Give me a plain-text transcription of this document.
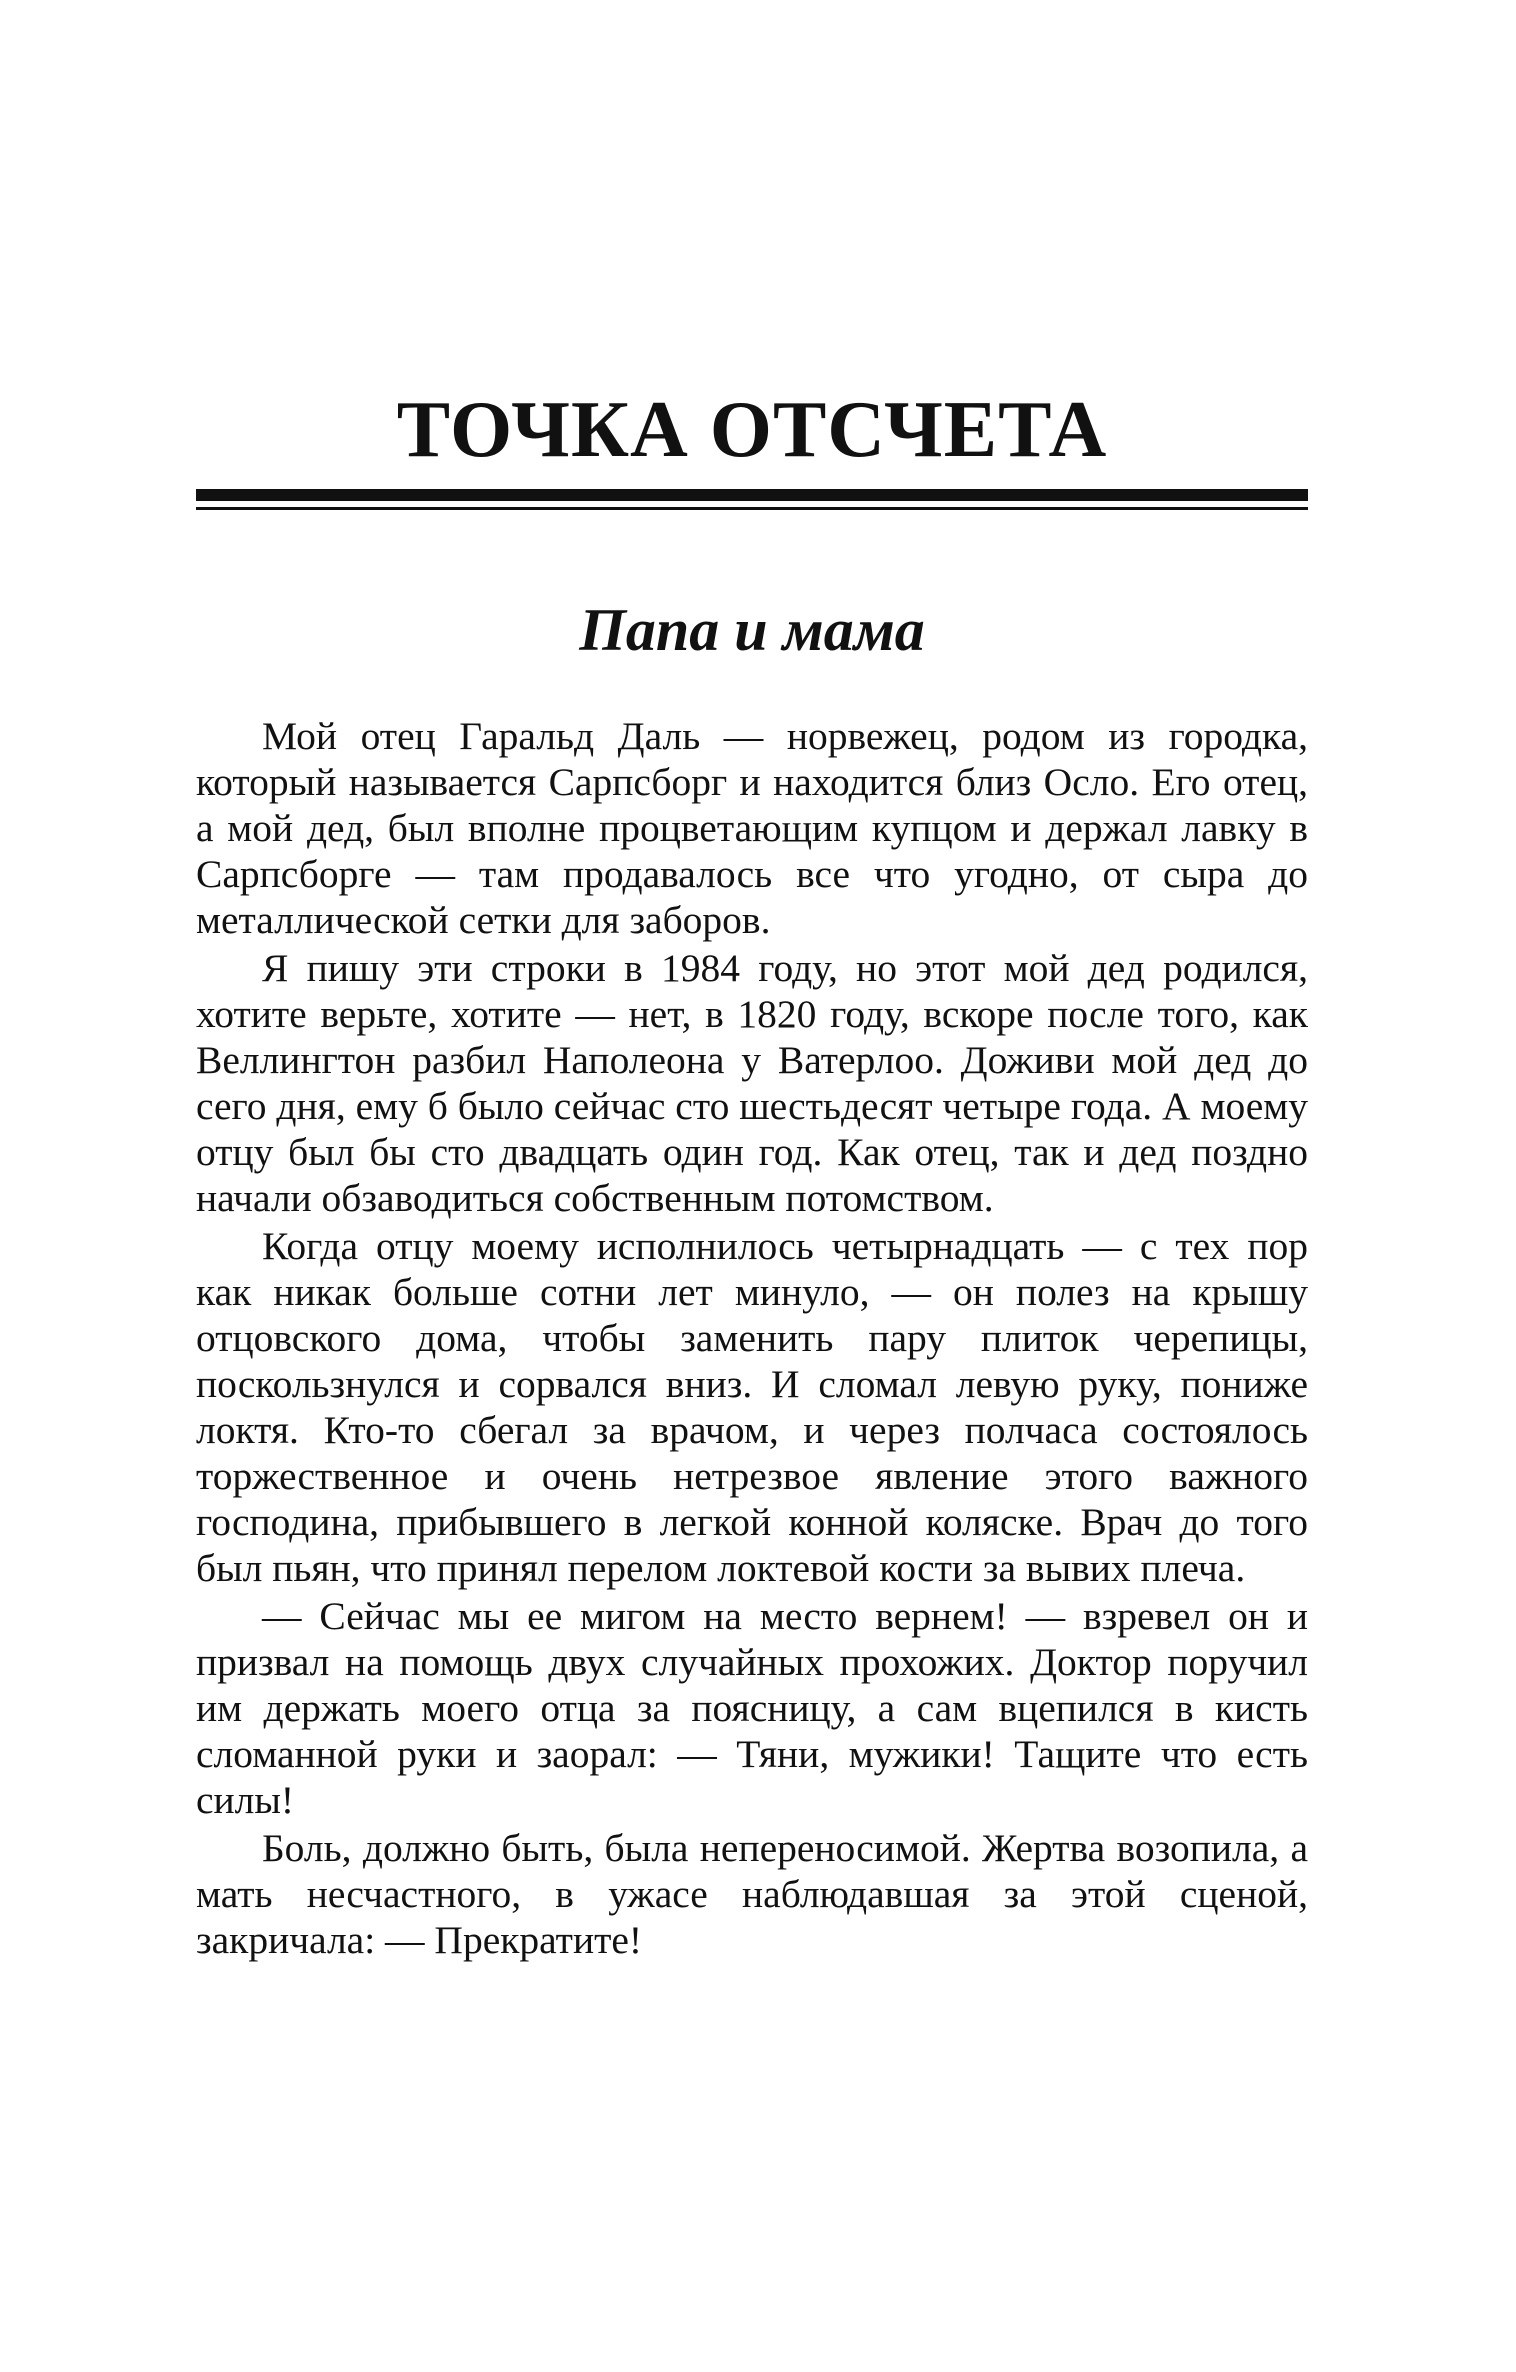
ТОЧКА ОТСЧЕТА
Папа и мама

Мой отец Гаральд Даль — норвежец, родом из городка, который называется Сарпсборг и находится близ Осло. Его отец, а мой дед, был вполне процветающим купцом и держал лавку в Сарпсборге — там продавалось все что угодно, от сыра до металлической сетки для заборов.

Я пишу эти строки в 1984 году, но этот мой дед родился, хотите верьте, хотите — нет, в 1820 году, вскоре после того, как Веллингтон разбил Наполеона у Ватерлоо. Доживи мой дед до сего дня, ему б было сейчас сто шестьдесят четыре года. А моему отцу был бы сто двадцать один год. Как отец, так и дед поздно начали обзаводиться собственным потомством.

Когда отцу моему исполнилось четырнадцать — с тех пор как никак больше сотни лет минуло, — он полез на крышу отцовского дома, чтобы заменить пару плиток черепицы, поскользнулся и сорвался вниз. И сломал левую руку, пониже локтя. Кто-то сбегал за врачом, и через полчаса состоялось торжественное и очень нетрезвое явление этого важного господина, прибывшего в легкой конной коляске. Врач до того был пьян, что принял перелом локтевой кости за вывих плеча.

— Сейчас мы ее мигом на место вернем! — взревел он и призвал на помощь двух случайных прохожих. Доктор поручил им держать моего отца за поясницу, а сам вцепился в кисть сломанной руки и заорал: — Тяни, мужики! Тащите что есть силы!

Боль, должно быть, была непереносимой. Жертва возопила, а мать несчастного, в ужасе наблюдавшая за этой сценой, закричала: — Прекратите!
